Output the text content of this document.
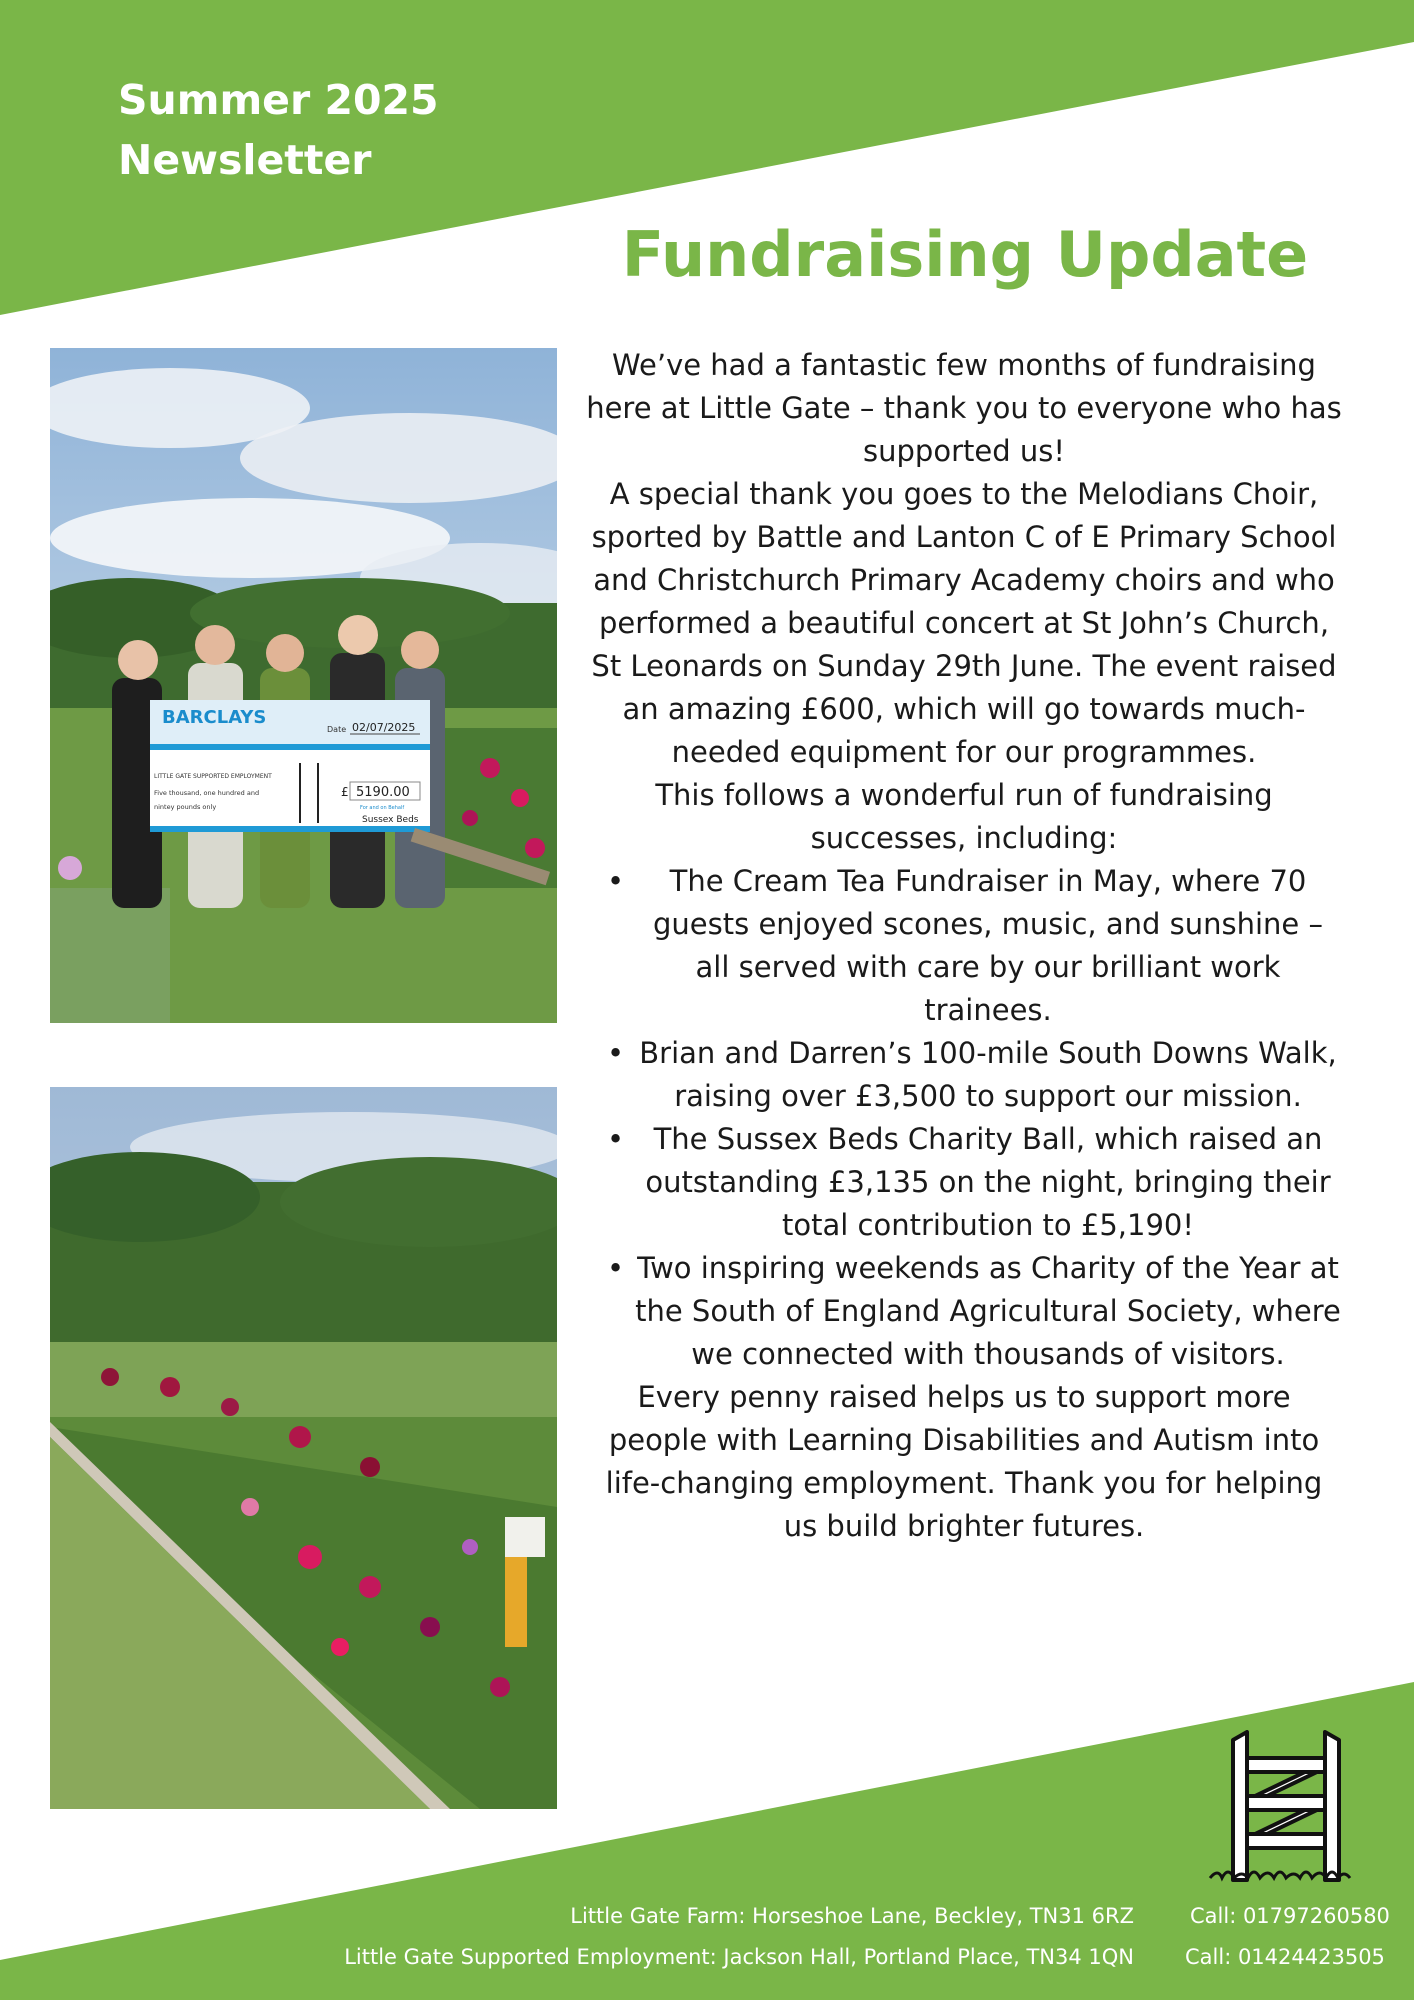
Summer 2025
Newsletter
Fundraising Update
BARCLAYS
Date 02/07/2025
LITTLE GATE SUPPORTED EMPLOYMENT
Five thousand, one hundred and
nintey pounds only
£ 5190.00
For and on Behalf
Sussex Beds

We’ve had a fantastic few months of fundraising here at Little Gate – thank you to everyone who has supported us!

A special thank you goes to the Melodians Choir, sported by Battle and Lanton C of E Primary School and Christchurch Primary Academy choirs and who performed a beautiful concert at St John’s Church, St Leonards on Sunday 29th June. The event raised an amazing £600, which will go towards much-needed equipment for our programmes.

This follows a wonderful run of fundraising successes, including:

• The Cream Tea Fundraiser in May, where 70 guests enjoyed scones, music, and sunshine – all served with care by our brilliant work trainees.
• Brian and Darren’s 100-mile South Downs Walk, raising over £3,500 to support our mission.
• The Sussex Beds Charity Ball, which raised an outstanding £3,135 on the night, bringing their total contribution to £5,190!
• Two inspiring weekends as Charity of the Year at the South of England Agricultural Society, where we connected with thousands of visitors.

Every penny raised helps us to support more people with Learning Disabilities and Autism into life-changing employment. Thank you for helping us build brighter futures.

Little Gate Farm: Horseshoe Lane, Beckley, TN31 6RZ
Little Gate Supported Employment: Jackson Hall, Portland Place, TN34 1QN
Call: 01797260580
Call: 01424423505
